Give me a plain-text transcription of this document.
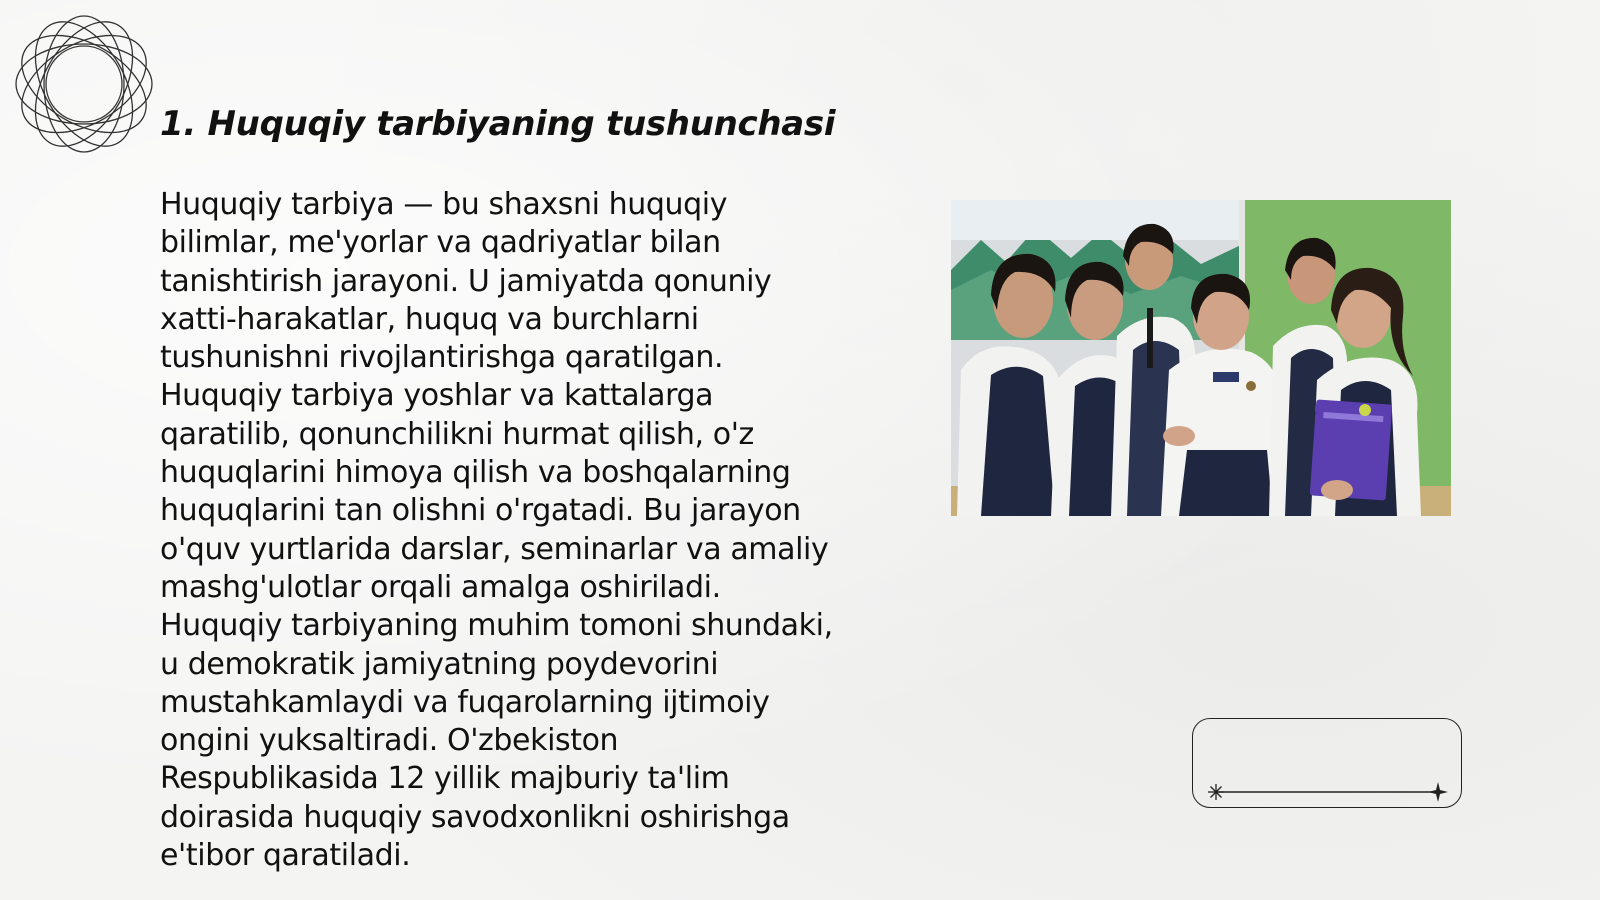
1. Huquqiy tarbiyaning tushunchasi

Huquqiy tarbiya — bu shaxsni huquqiy bilimlar, me'yorlar va qadriyatlar bilan tanishtirish jarayoni. U jamiyatda qonuniy xatti-harakatlar, huquq va burchlarni tushunishni rivojlantirishga qaratilgan. Huquqiy tarbiya yoshlar va kattalarga qaratilib, qonunchilikni hurmat qilish, o'z huquqlarini himoya qilish va boshqalarning huquqlarini tan olishni o'rgatadi. Bu jarayon o'quv yurtlarida darslar, seminarlar va amaliy mashg'ulotlar orqali amalga oshiriladi. Huquqiy tarbiyaning muhim tomoni shundaki, u demokratik jamiyatning poydevorini mustahkamlaydi va fuqarolarning ijtimoiy ongini yuksaltiradi. O'zbekiston Respublikasida 12 yillik majburiy ta'lim doirasida huquqiy savodxonlikni oshirishga e'tibor qaratiladi.
